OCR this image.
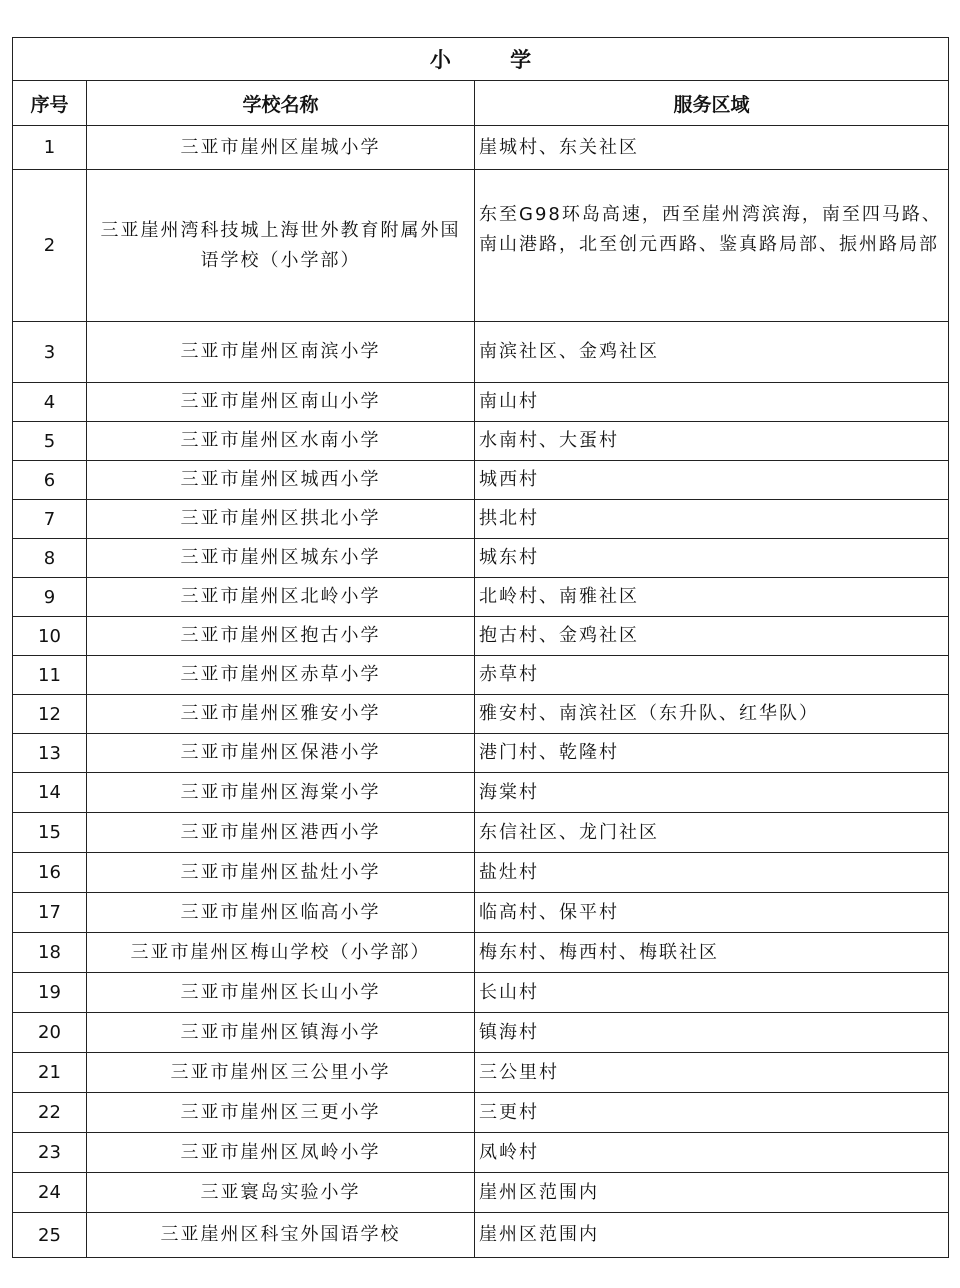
小 学		
序号	学校名称	服务区域
1	三亚市崖州区崖城小学	崖城村、东关社区
2	三亚崖州湾科技城上海世外教育附属外国语学校（小学部）	东至G98环岛高速，西至崖州湾滨海，南至四马路、南山港路，北至创元西路、鉴真路局部、振州路局部
3	三亚市崖州区南滨小学	南滨社区、金鸡社区
4	三亚市崖州区南山小学	南山村
5	三亚市崖州区水南小学	水南村、大蛋村
6	三亚市崖州区城西小学	城西村
7	三亚市崖州区拱北小学	拱北村
8	三亚市崖州区城东小学	城东村
9	三亚市崖州区北岭小学	北岭村、南雅社区
10	三亚市崖州区抱古小学	抱古村、金鸡社区
11	三亚市崖州区赤草小学	赤草村
12	三亚市崖州区雅安小学	雅安村、南滨社区（东升队、红华队）
13	三亚市崖州区保港小学	港门村、乾隆村
14	三亚市崖州区海棠小学	海棠村
15	三亚市崖州区港西小学	东信社区、龙门社区
16	三亚市崖州区盐灶小学	盐灶村
17	三亚市崖州区临高小学	临高村、保平村
18	三亚市崖州区梅山学校（小学部）	梅东村、梅西村、梅联社区
19	三亚市崖州区长山小学	长山村
20	三亚市崖州区镇海小学	镇海村
21	三亚市崖州区三公里小学	三公里村
22	三亚市崖州区三更小学	三更村
23	三亚市崖州区凤岭小学	凤岭村
24	三亚寰岛实验小学	崖州区范围内
25	三亚崖州区科宝外国语学校	崖州区范围内
